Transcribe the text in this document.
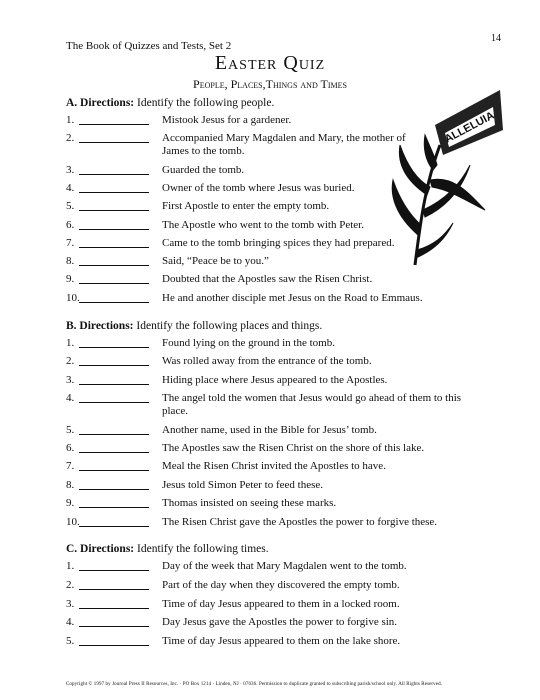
14
The Book of Quizzes and Tests, Set 2
Easter Quiz
People, Places,Things and Times
ALLELUIA
A. Directions: Identify the following people.
1.	Mistook Jesus for a gardener.
2.	Accompanied Mary Magdalen and Mary, the mother of
James to the tomb.
3.	Guarded the tomb.
4.	Owner of the tomb where Jesus was buried.
5.	First Apostle to enter the empty tomb.
6.	The Apostle who went to the tomb with Peter.
7.	Came to the tomb bringing spices they had prepared.
8.	Said, “Peace be to you.”
9.	Doubted that the Apostles saw the Risen Christ.
10.	He and another disciple met Jesus on the Road to Emmaus.
B. Directions: Identify the following places and things.
1.	Found lying on the ground in the tomb.
2.	Was rolled away from the entrance of the tomb.
3.	Hiding place where Jesus appeared to the Apostles.
4.	The angel told the women that Jesus would go ahead of them to this
place.
5.	Another name, used in the Bible for Jesus’ tomb.
6.	The Apostles saw the Risen Christ on the shore of this lake.
7.	Meal the Risen Christ invited the Apostles to have.
8.	Jesus told Simon Peter to feed these.
9.	Thomas insisted on seeing these marks.
10.	The Risen Christ gave the Apostles the power to forgive these.
C. Directions: Identify the following times.
1.	Day of the week that Mary Magdalen went to the tomb.
2.	Part of the day when they discovered the empty tomb.
3.	Time of day Jesus appeared to them in a locked room.
4.	Day Jesus gave the Apostles the power to forgive sin.
5.	Time of day Jesus appeared to them on the lake shore.
Copyright © 1997 by Journal Press II Resources, Inc. · PO Box 1214 · Linden, NJ · 07036. Permission to duplicate granted to subscribing parish/school only. All Rights Reserved.
